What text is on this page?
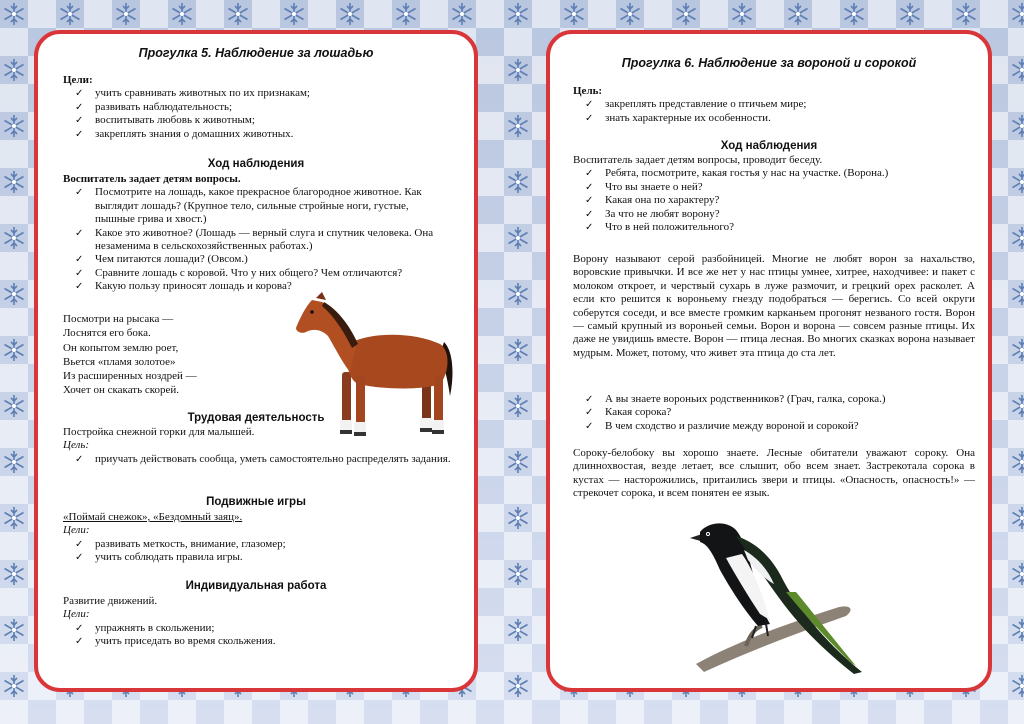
Прогулка 5. Наблюдение за лошадью
Цели:
✓ учить сравнивать животных по их признакам;
✓ развивать наблюдательность;
✓ воспитывать любовь к животным;
✓ закреплять знания о домашних животных.
Ход наблюдения
Воспитатель задает детям вопросы.
✓ Посмотрите на лошадь, какое прекрасное благородное животное. Как выглядит лошадь? (Крупное тело, сильные стройные ноги, густые, пышные грива и хвост.)
✓ Какое это животное? (Лошадь — верный слуга и спутник человека. Она незаменима в сельскохозяйственных работах.)
✓ Чем питаются лошади? (Овсом.)
✓ Сравните лошадь с коровой. Что у них общего? Чем отличаются?
✓ Какую пользу приносят лошадь и корова?
Посмотри на рысака —
Лоснятся его бока.
Он копытом землю роет,
Вьется «пламя золотое»
Из расширенных ноздрей —
Хочет он скакать скорей.
Трудовая деятельность
Постройка снежной горки для малышей.
Цель:
✓ приучать действовать сообща, уметь самостоятельно распределять задания.
Подвижные игры
«Поймай снежок», «Бездомный заяц».
Цели:
✓ развивать меткость, внимание, глазомер;
✓ учить соблюдать правила игры.
Индивидуальная работа
Развитие движений.
Цели:
✓ упражнять в скольжении;
✓ учить приседать во время скольжения.
Прогулка 6. Наблюдение за вороной и сорокой
Цель:
✓ закреплять представление о птичьем мире;
✓ знать характерные их особенности.
Ход наблюдения
Воспитатель задает детям вопросы, проводит беседу.
✓ Ребята, посмотрите, какая гостья у нас на участке. (Ворона.)
✓ Что вы знаете о ней?
✓ Какая она по характеру?
✓ За что не любят ворону?
✓ Что в ней положительного?
Ворону называют серой разбойницей. Многие не любят ворон за нахальство, воровские привычки. И все же нет у нас птицы умнее, хитрее, находчивее: и пакет с молоком откроет, и черствый сухарь в луже размочит, и грецкий орех расколет. А если кто решится к вороньему гнезду подобраться — берегись. Со всей округи соберутся соседи, и все вместе громким карканьем прогонят незваного гостя. Ворон — самый крупный из вороньей семьи. Ворон и ворона — совсем разные птицы. Их даже не увидишь вместе. Ворон — птица лесная. Во многих сказках ворона называет мудрым. Может, потому, что живет эта птица до ста лет.
✓ А вы знаете вороньих родственников? (Грач, галка, сорока.)
✓ Какая сорока?
✓ В чем сходство и различие между вороной и сорокой?
Сороку-белобоку вы хорошо знаете. Лесные обитатели уважают сороку. Она длиннохвостая, везде летает, все слышит, обо всем знает. Застрекотала сорока в кустах — насторожились, притаились звери и птицы. «Опасность, опасность!» — стрекочет сорока, и всем понятен ее язык.
